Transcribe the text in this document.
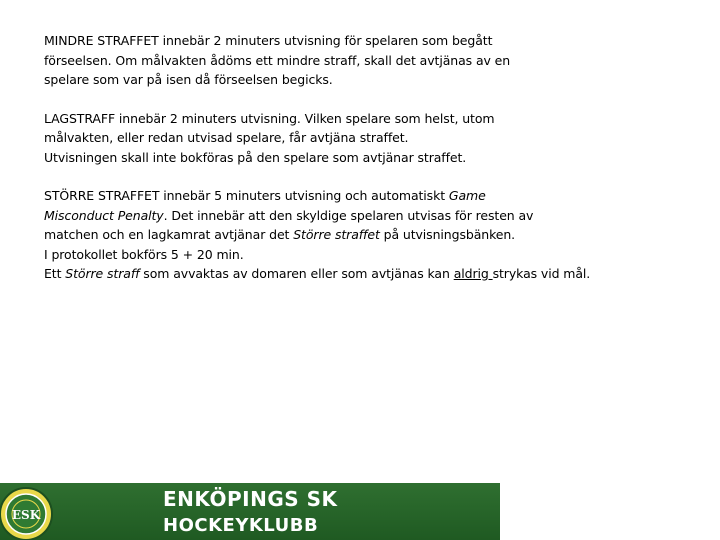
MINDRE STRAFFET innebär 2 minuters utvisning för spelaren som begått
förseelsen. Om målvakten ådöms ett mindre straff, skall det avtjänas av en
spelare som var på isen då förseelsen begicks.
LAGSTRAFF innebär 2 minuters utvisning. Vilken spelare som helst, utom
målvakten, eller redan utvisad spelare, får avtjäna straffet.
Utvisningen skall inte bokföras på den spelare som avtjänar straffet.
STÖRRE STRAFFET innebär 5 minuters utvisning och automatiskt Game
Misconduct Penalty. Det innebär att den skyldige spelaren utvisas för resten av
matchen och en lagkamrat avtjänar det Större straffet på utvisningsbänken.
I protokollet bokförs 5 + 20 min.
Ett Större straff som avvaktas av domaren eller som avtjänas kan aldrig strykas vid mål.
ESK
ENKÖPINGS SK
HOCKEYKLUBB
